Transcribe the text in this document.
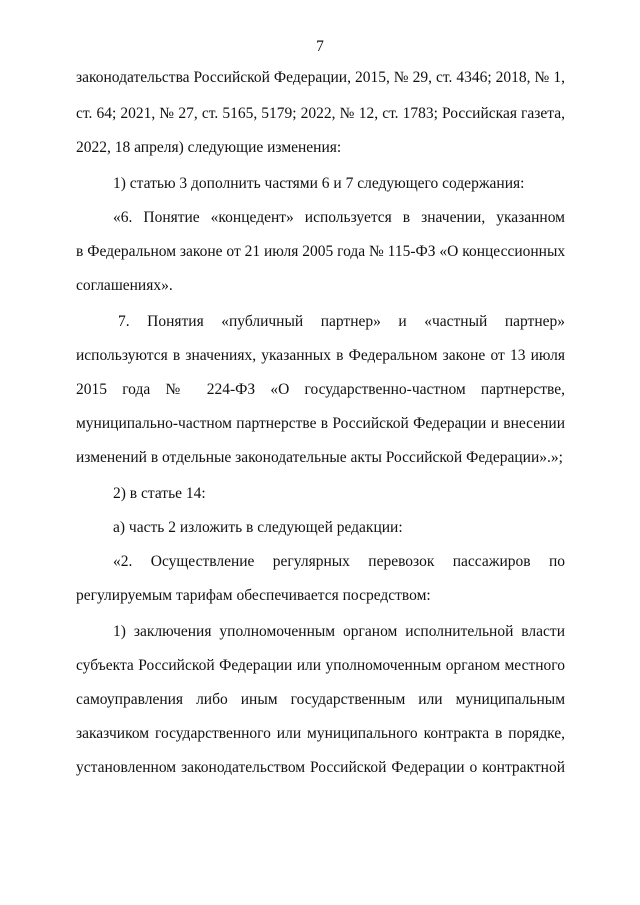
7
законодательства Российской Федерации, 2015, № 29, ст. 4346; 2018, № 1,
ст. 64; 2021, № 27, ст. 5165, 5179; 2022, № 12, ст. 1783; Российская газета,
2022, 18 апреля) следующие изменения:
1) статью 3 дополнить частями 6 и 7 следующего содержания:
«6. Понятие «концедент» используется в значении, указанном
в Федеральном законе от 21 июля 2005 года № 115-ФЗ «О концессионных
соглашениях».
7. Понятия «публичный партнер» и «частный партнер»
используются в значениях, указанных в Федеральном законе от 13 июля
2015 года № 224-ФЗ «О государственно-частном партнерстве,
муниципально-частном партнерстве в Российской Федерации и внесении
изменений в отдельные законодательные акты Российской Федерации».»;
2) в статье 14:
а) часть 2 изложить в следующей редакции:
«2. Осуществление регулярных перевозок пассажиров по
регулируемым тарифам обеспечивается посредством:
1) заключения уполномоченным органом исполнительной власти
субъекта Российской Федерации или уполномоченным органом местного
самоуправления либо иным государственным или муниципальным
заказчиком государственного или муниципального контракта в порядке,
установленном законодательством Российской Федерации о контрактной
